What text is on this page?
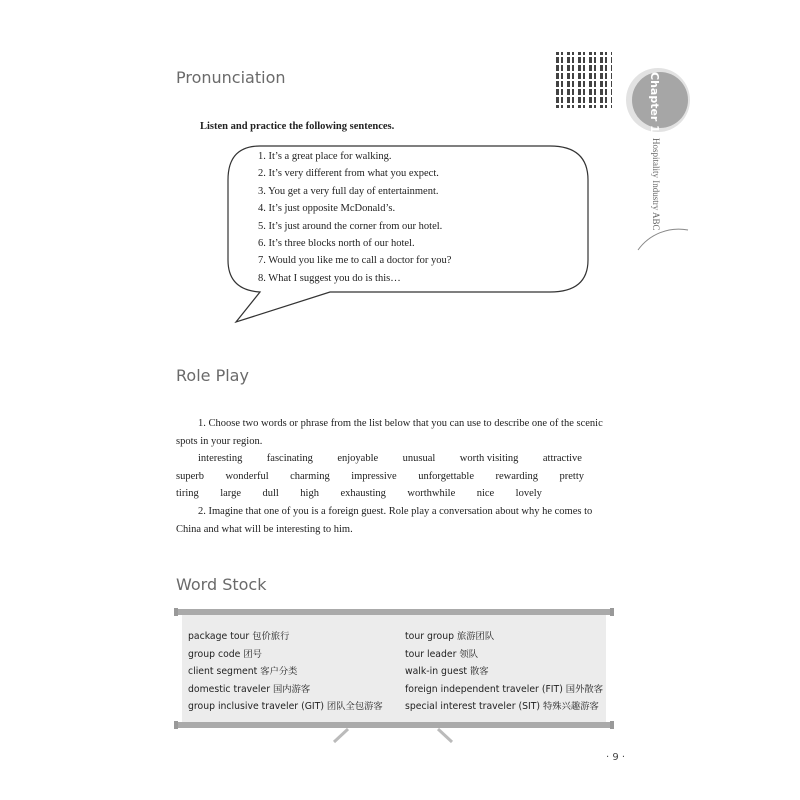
Pronunciation	Chapter 1
Hospitality Industry ABC
Listen and practice the following sentences.
1. It’s a great place for walking.
2. It’s very different from what you expect.
3. You get a very full day of entertainment.
4. It’s just opposite McDonald’s.
5. It’s just around the corner from our hotel.
6. It’s three blocks north of our hotel.
7. Would you like me to call a doctor for you?
8. What I suggest you do is this…
Role Play

1. Choose two words or phrase from the list below that you can use to describe one of the scenic spots in your region.

interesting fascinating enjoyable unusual worth visiting attractive
superb wonderful charming impressive unforgettable rewarding pretty
tiring large dull high exhausting worthwhile nice lovely

2. Imagine that one of you is a foreign guest. Role play a conversation about why he comes to China and what will be interesting to him.

Word Stock
package tour 包价旅行
group code 团号
client segment 客户分类
domestic traveler 国内游客
group inclusive traveler (GIT) 团队全包游客
tour group 旅游团队
tour leader 领队
walk-in guest 散客
foreign independent traveler (FIT) 国外散客
special interest traveler (SIT) 特殊兴趣游客
· 9 ·
